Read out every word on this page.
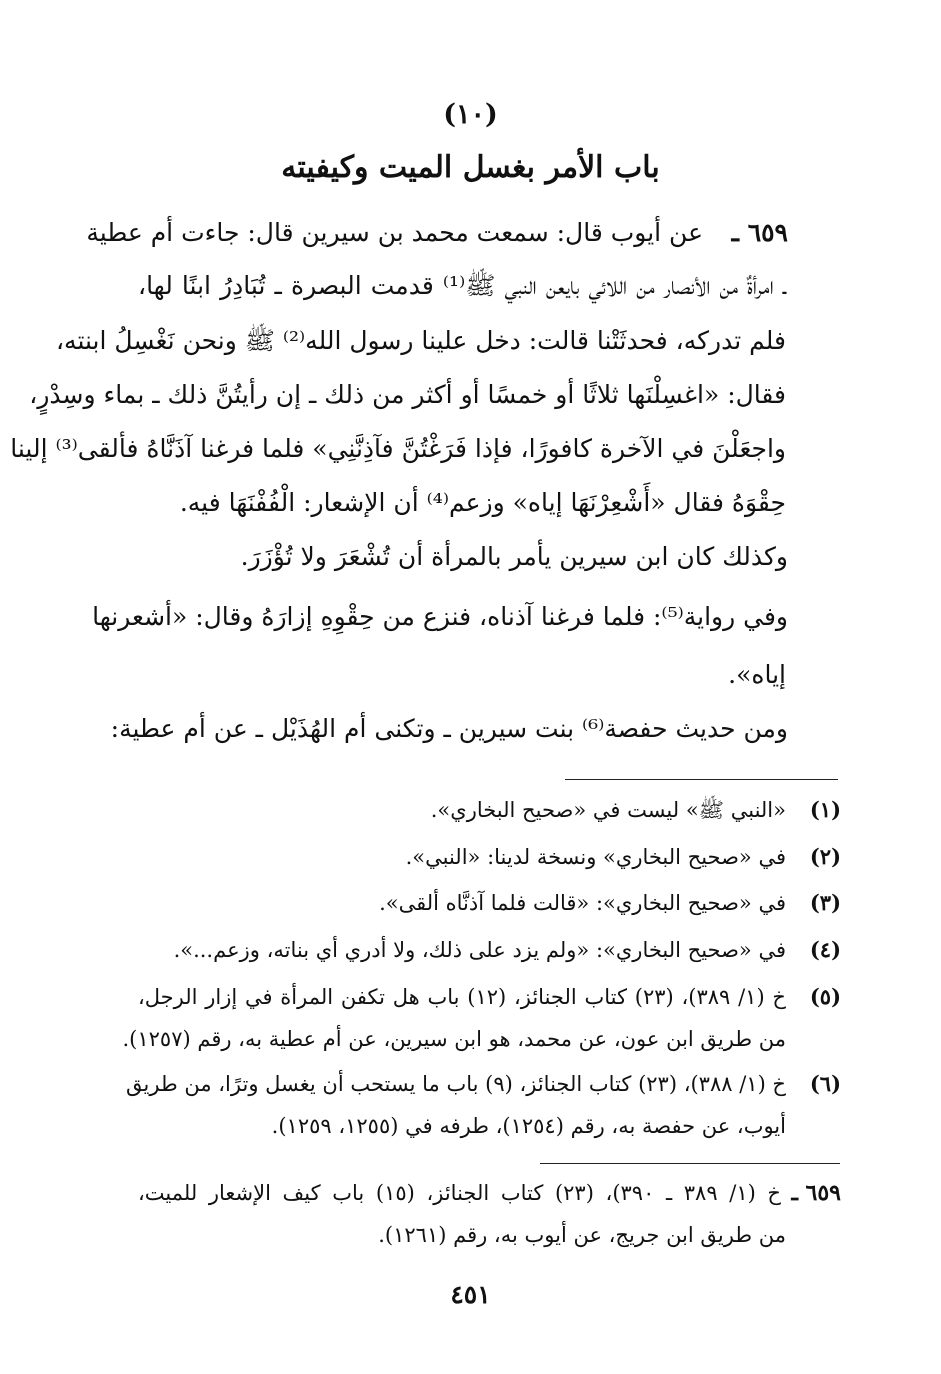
(١٠)
باب الأمر بغسل الميت وكيفيته
٦٥٩ ـ
عن أيوب قال: سمعت محمد بن سيرين قال: جاءت أم عطية
ـ امرأةٌ من الأنصار من اللائي بايعن النبي ﷺ⁽¹⁾ قدمت البصرة ـ تُبَادِرُ ابنًا لها،
فلم تدركه، فحدثَتْنا قالت: دخل علينا رسول الله⁽²⁾ ﷺ ونحن نَغْسِلُ ابنته،
فقال: «اغسِلْنَها ثلاثًا أو خمسًا أو أكثر من ذلك ـ إن رأيتُنَّ ذلك ـ بماء وسِدْرٍ،
واجعَلْنَ في الآخرة كافورًا، فإذا فَرَغْتُنَّ فآذِنَّنِي» فلما فرغنا آذَنَّاهُ فألقى⁽³⁾ إلينا
حِقْوَهُ فقال «أَشْعِرْنَهَا إياه» وزعم⁽⁴⁾ أن الإشعار: الْفُفْنَهَا فيه.
وكذلك كان ابن سيرين يأمر بالمرأة أن تُشْعَرَ ولا تُؤْزَرَ.
وفي رواية⁽⁵⁾: فلما فرغنا آذناه، فنزع من حِقْوِهِ إزارَهُ وقال: «أشعرنها
إياه».
ومن حديث حفصة⁽⁶⁾ بنت سيرين ـ وتكنى أم الهُذَيْل ـ عن أم عطية:
(١)
«النبي ﷺ» ليست في «صحيح البخاري».
(٢)
في «صحيح البخاري» ونسخة لدينا: «النبي».
(٣)
في «صحيح البخاري»: «قالت فلما آذنَّاه ألقى».
(٤)
في «صحيح البخاري»: «ولم يزد على ذلك، ولا أدري أي بناته، وزعم...».
(٥)
خ (١/ ٣٨٩)، (٢٣) كتاب الجنائز، (١٢) باب هل تكفن المرأة في إزار الرجل،
من طريق ابن عون، عن محمد، هو ابن سيرين، عن أم عطية به، رقم (١٢٥٧).
(٦)
خ (١/ ٣٨٨)، (٢٣) كتاب الجنائز، (٩) باب ما يستحب أن يغسل وترًا، من طريق
أيوب، عن حفصة به، رقم (١٢٥٤)، طرفه في (١٢٥٥، ١٢٥٩).
٦٥٩ ـ
خ (١/ ٣٨٩ ـ ٣٩٠)، (٢٣) كتاب الجنائز، (١٥) باب كيف الإشعار للميت،
من طريق ابن جريج، عن أيوب به، رقم (١٢٦١).
٤٥١
